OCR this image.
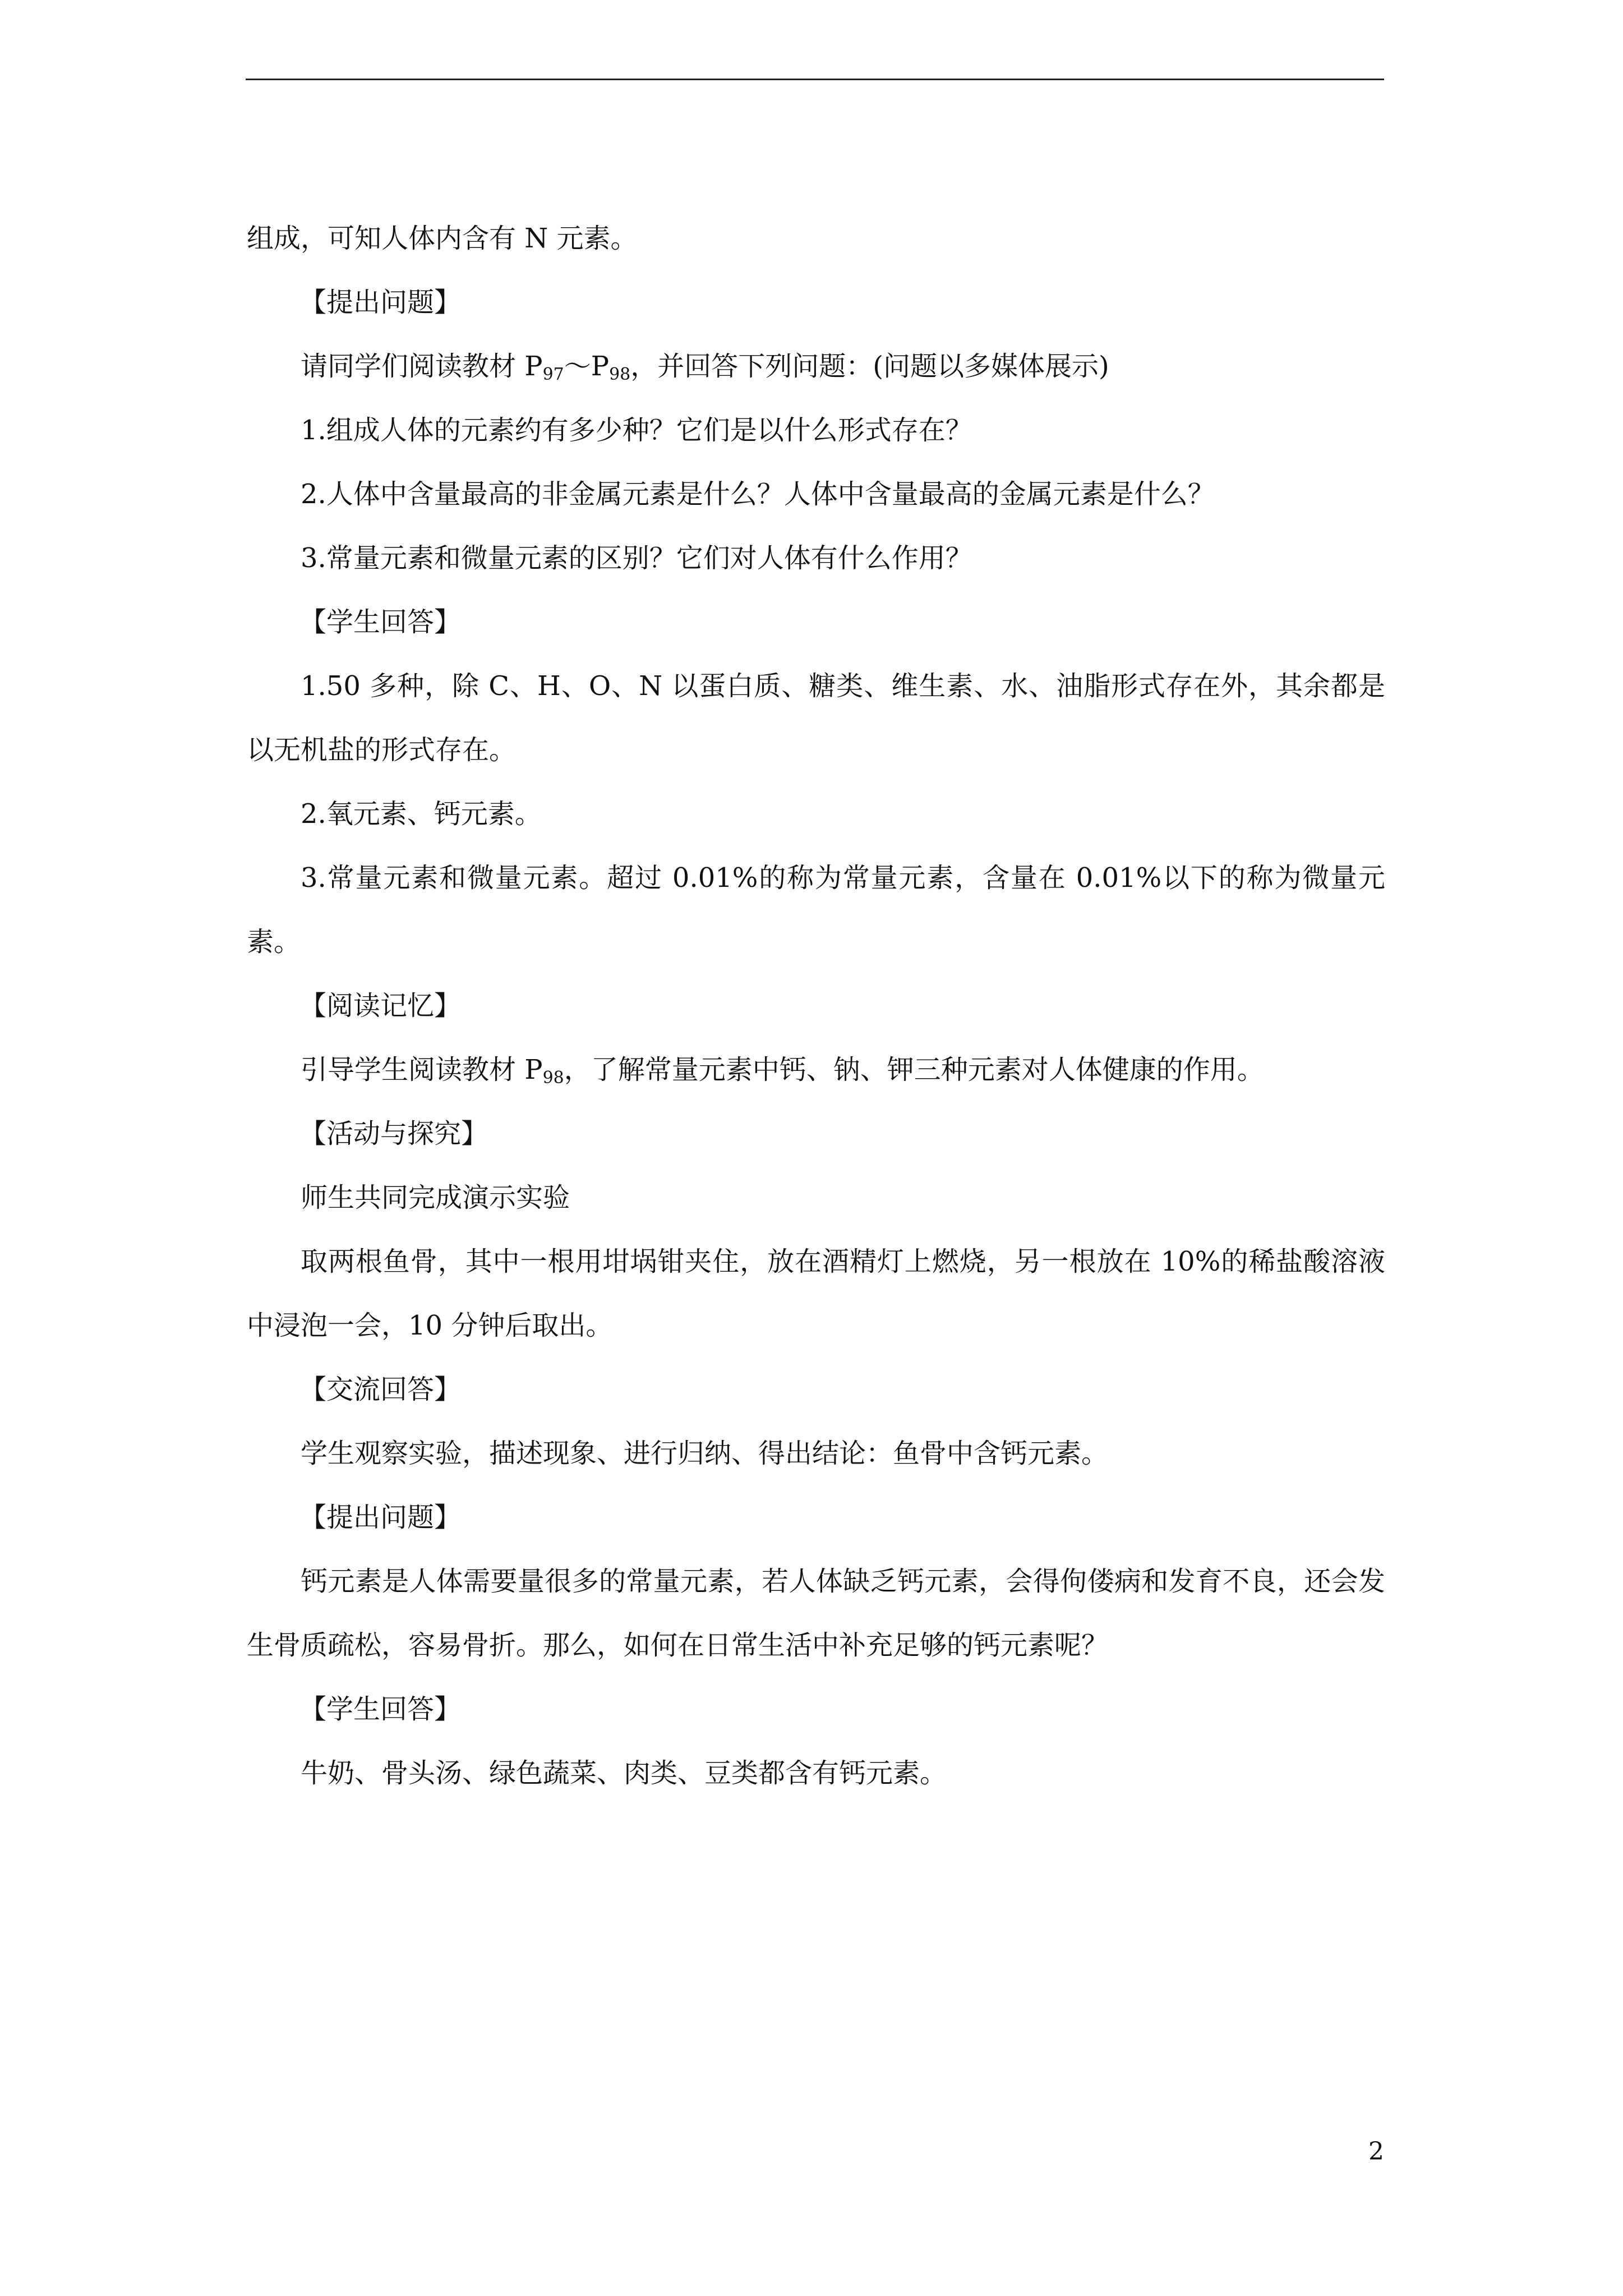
组成，可知人体内含有 N 元素。

【提出问题】

请同学们阅读教材 $P_{97}\sim P_{98}$，并回答下列问题：(问题以多媒体展示)

1.组成人体的元素约有多少种？它们是以什么形式存在？

2.人体中含量最高的非金属元素是什么？人体中含量最高的金属元素是什么？

3.常量元素和微量元素的区别？它们对人体有什么作用？

【学生回答】

1.50 多种，除 C、H、O、N 以蛋白质、糖类、维生素、水、油脂形式存在外，其余都是以无机盐的形式存在。

2.氧元素、钙元素。

3.常量元素和微量元素。超过 0.01%的称为常量元素，含量在 0.01%以下的称为微量元素。

【阅读记忆】

引导学生阅读教材 $P_{98}$，了解常量元素中钙、钠、钾三种元素对人体健康的作用。

【活动与探究】

师生共同完成演示实验

取两根鱼骨，其中一根用坩埚钳夹住，放在酒精灯上燃烧，另一根放在 10%的稀盐酸溶液中浸泡一会，10 分钟后取出。

【交流回答】

学生观察实验，描述现象、进行归纳、得出结论：鱼骨中含钙元素。

【提出问题】

钙元素是人体需要量很多的常量元素，若人体缺乏钙元素，会得佝偻病和发育不良，还会发生骨质疏松，容易骨折。那么，如何在日常生活中补充足够的钙元素呢？

【学生回答】

牛奶、骨头汤、绿色蔬菜、肉类、豆类都含有钙元素。

2
